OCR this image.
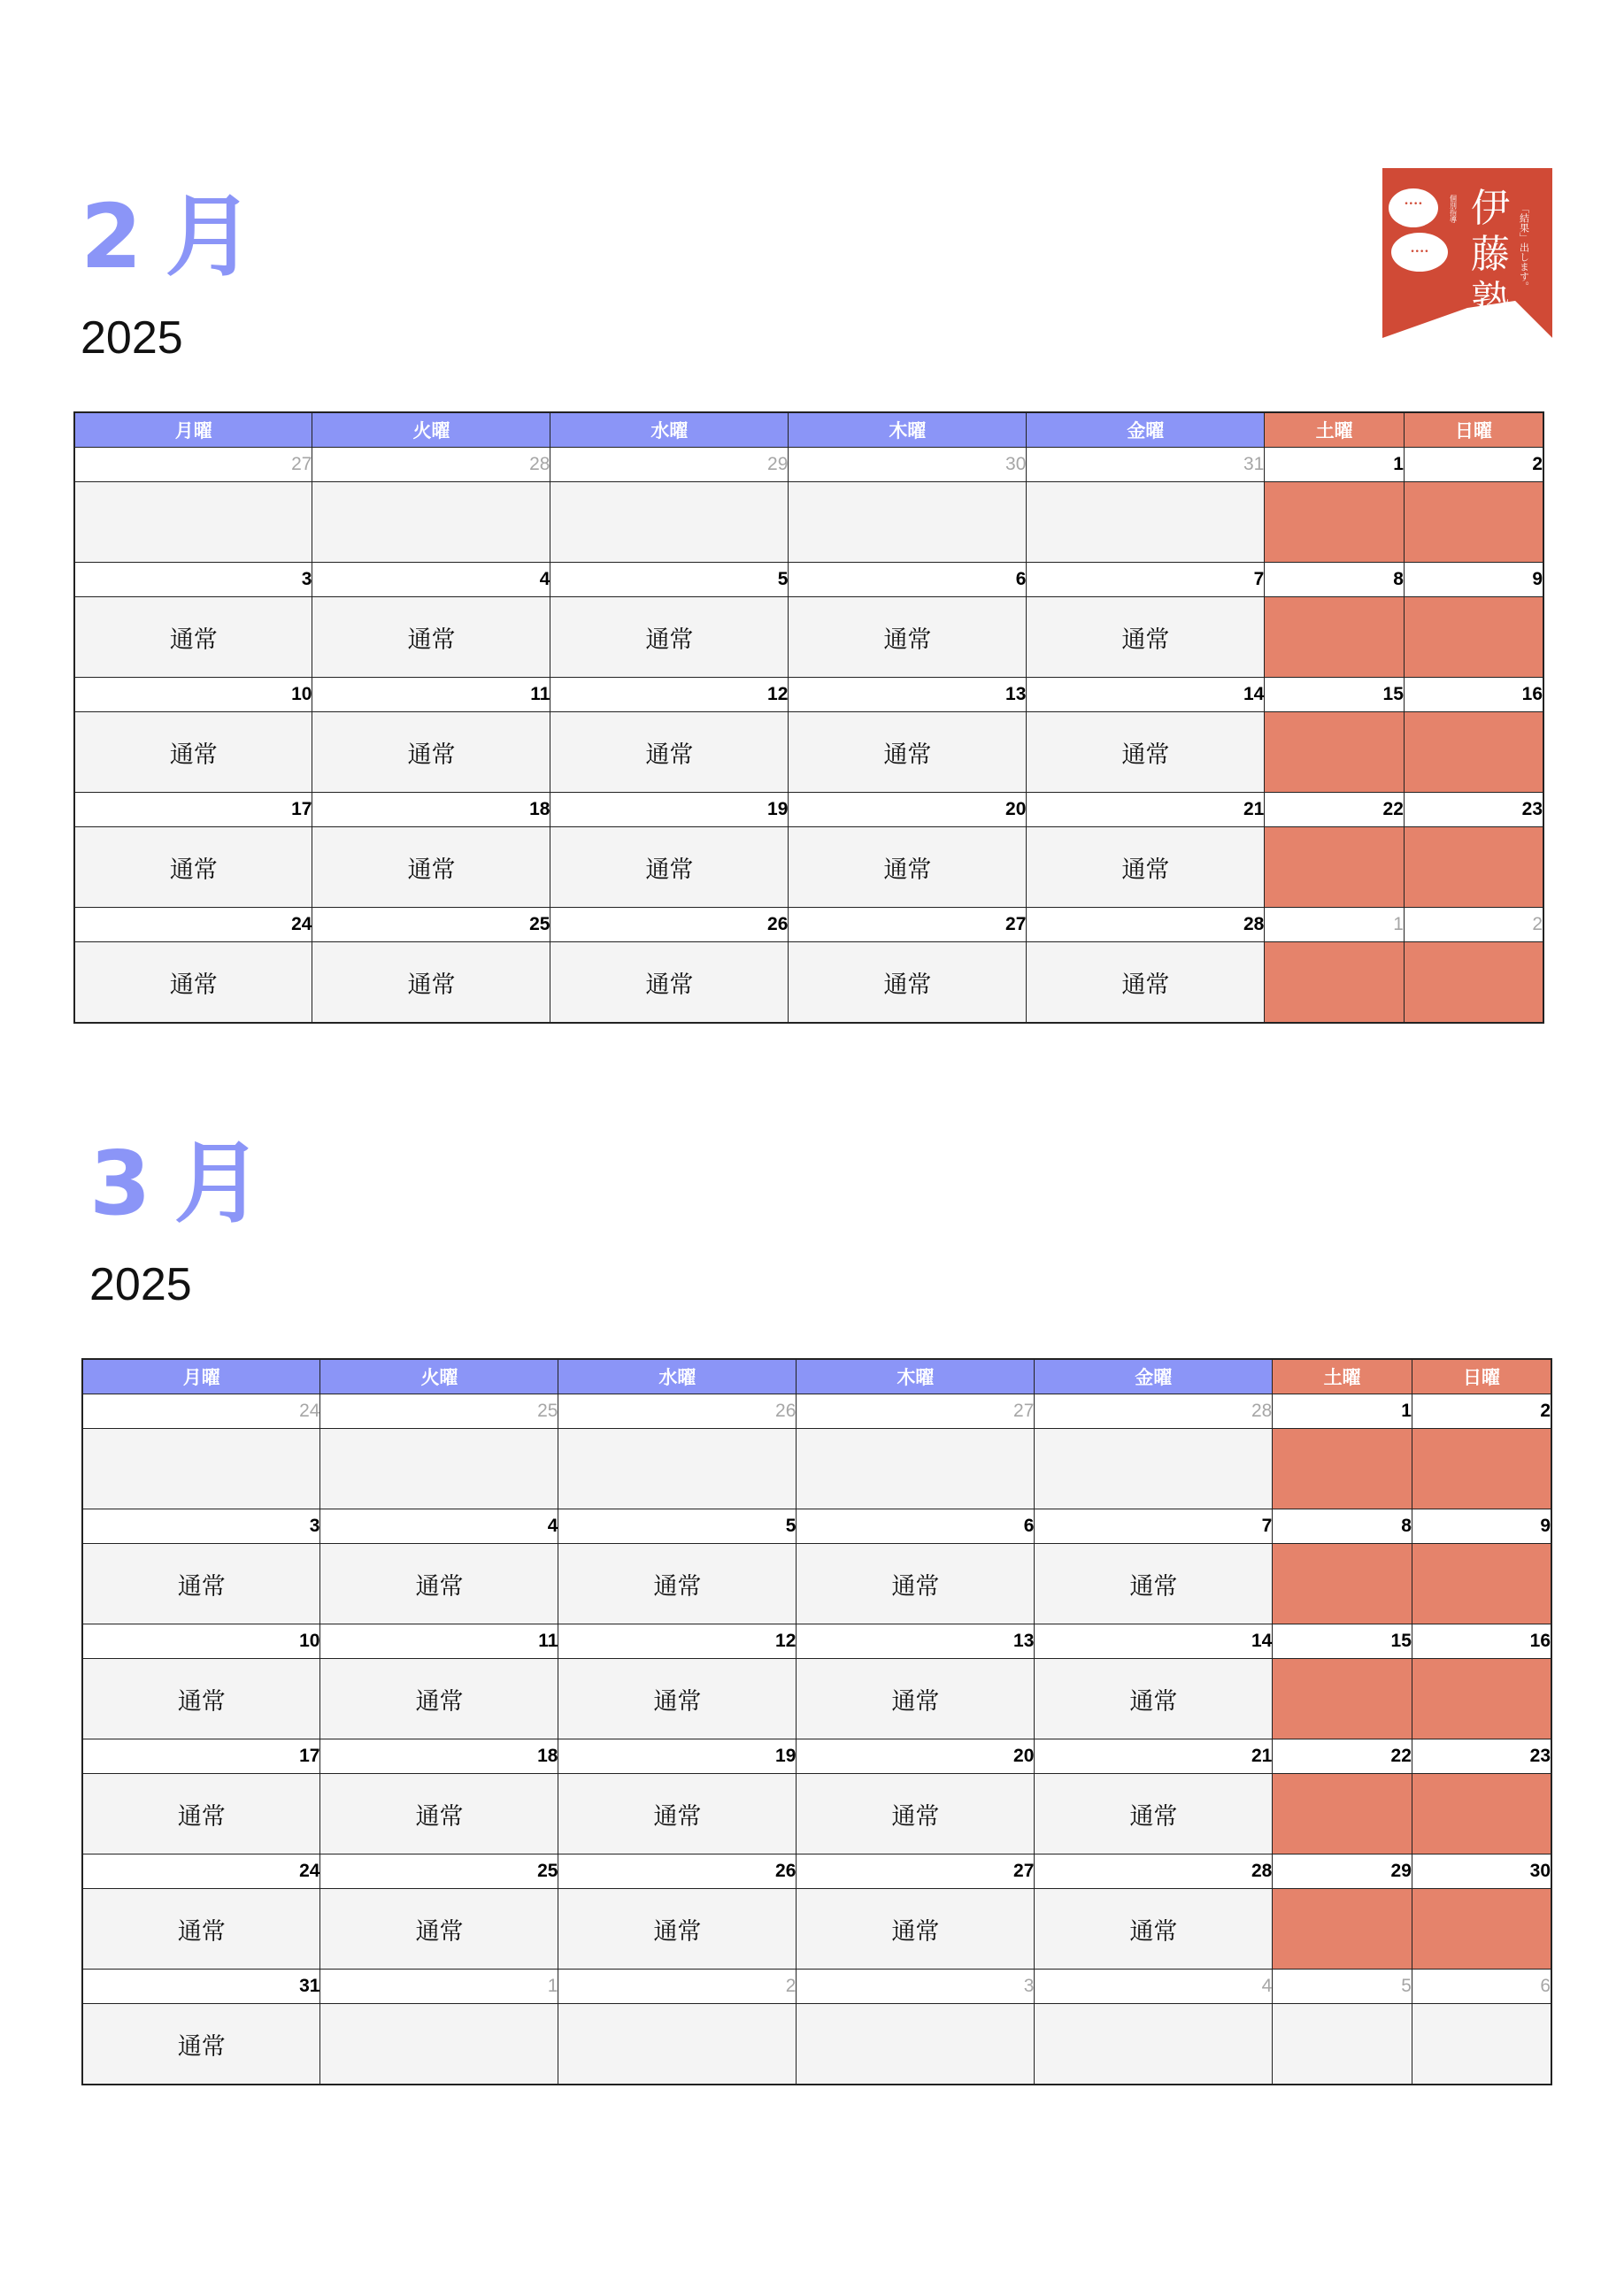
••••
••••
伊
藤
塾
「結果」出します。
個別指導
2 月
2025
月曜	火曜	水曜	木曜	金曜	土曜	日曜
27	28	29	30	31	1	2

3	4	5	6	7	8	9
通常	通常	通常	通常	通常		
10	11	12	13	14	15	16
通常	通常	通常	通常	通常		
17	18	19	20	21	22	23
通常	通常	通常	通常	通常		
24	25	26	27	28	1	2
通常	通常	通常	通常	通常		
3 月
2025
月曜	火曜	水曜	木曜	金曜	土曜	日曜
24	25	26	27	28	1	2

3	4	5	6	7	8	9
通常	通常	通常	通常	通常		
10	11	12	13	14	15	16
通常	通常	通常	通常	通常		
17	18	19	20	21	22	23
通常	通常	通常	通常	通常		
24	25	26	27	28	29	30
通常	通常	通常	通常	通常		
31	1	2	3	4	5	6
通常						
